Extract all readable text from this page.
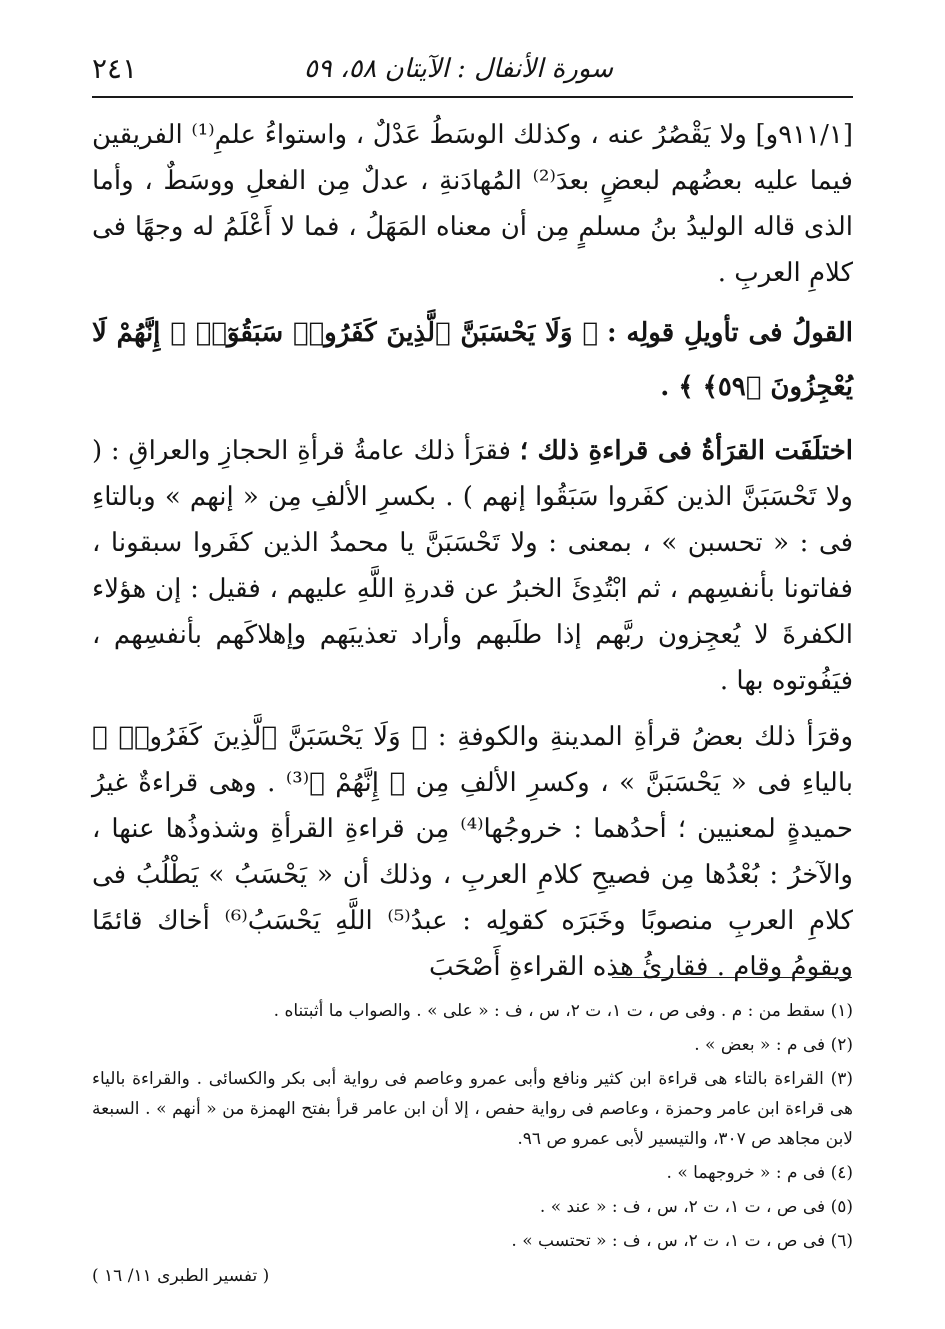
سورة الأنفال : الآيتان ٥٨، ٥٩
٢٤١

[٩١١/١و] ولا يَقْصُرُ عنه ، وكذلك الوسَطُ عَدْلٌ ، واستواءُ علمِ⁽¹⁾ الفريقين فيما عليه بعضُهم لبعضٍ بعدَ⁽²⁾ المُهادَنةِ ، عدلٌ مِن الفعلِ ووسَطٌ ، وأما الذى قاله الوليدُ بنُ مسلمٍ مِن أن معناه المَهَلُ ، فما لا أَعْلَمُ له وجهًا فى كلامِ العربِ .

القولُ فى تأويلِ قولِه : ﴿ وَلَا يَحْسَبَنَّ ٱلَّذِينَ كَفَرُوا۟ سَبَقُوٓا۟ ۚ إِنَّهُمْ لَا يُعْجِزُونَ ﴿٥٩﴾ ﴾ .

اختلَفَت القرَأةُ فى قراءةِ ذلك ؛ فقرَأ ذلك عامةُ قرأةِ الحجازِ والعراقِ : ( ولا تَحْسَبَنَّ الذين كفَروا سَبَقُوا إنهم ) . بكسرِ الألفِ مِن « إنهم » وبالتاءِ فى : « تحسبن » ، بمعنى : ولا تَحْسَبَنَّ يا محمدُ الذين كفَروا سبقونا ، ففاتونا بأنفسِهم ، ثم ابْتُدِئَ الخبرُ عن قدرةِ اللَّهِ عليهم ، فقيل : إن هؤلاء الكفرةَ لا يُعجِزون ربَّهم إذا طلَبهم وأراد تعذيبَهم وإهلاكَهم بأنفسِهم ، فيَفُوتوه بها .

وقرَأ ذلك بعضُ قرأةِ المدينةِ والكوفةِ : ﴿ وَلَا يَحْسَبَنَّ ٱلَّذِينَ كَفَرُوا۟ ﴾ بالياءِ فى « يَحْسَبَنَّ » ، وكسرِ الألفِ مِن ﴿ إِنَّهُمْ ﴾⁽³⁾ . وهى قراءةٌ غيرُ حميدةٍ لمعنيين ؛ أحدُهما : خروجُها⁽⁴⁾ مِن قراءةِ القرأةِ وشذوذُها عنها ، والآخرُ : بُعْدُها مِن فصيحِ كلامِ العربِ ، وذلك أن « يَحْسَبُ » يَطْلُبُ فى كلامِ العربِ منصوبًا وخَبَرَه كقولِه : عبدُ⁽⁵⁾ اللَّهِ يَحْسَبُ⁽⁶⁾ أخاك قائمًا ويقومُ وقام . فقارئُ هذه القراءةِ أَصْحَبَ

(١) سقط من : م . وفى ص ، ت ١، ت ٢، س ، ف : « على » . والصواب ما أثبتناه .
(٢) فى م : « بعض » .
(٣) القراءة بالتاء هى قراءة ابن كثير ونافع وأبى عمرو وعاصم فى رواية أبى بكر والكسائى . والقراءة بالياء هى قراءة ابن عامر وحمزة ، وعاصم فى رواية حفص ، إلا أن ابن عامر قرأ بفتح الهمزة من « أنهم » . السبعة لابن مجاهد ص ٣٠٧، والتيسير لأبى عمرو ص ٩٦.
(٤) فى م : « خروجهما » .
(٥) فى ص ، ت ١، ت ٢، س ، ف : « عند » .
(٦) فى ص ، ت ١، ت ٢، س ، ف : « تحتسب » .
( تفسير الطبرى ١١/ ١٦ )
